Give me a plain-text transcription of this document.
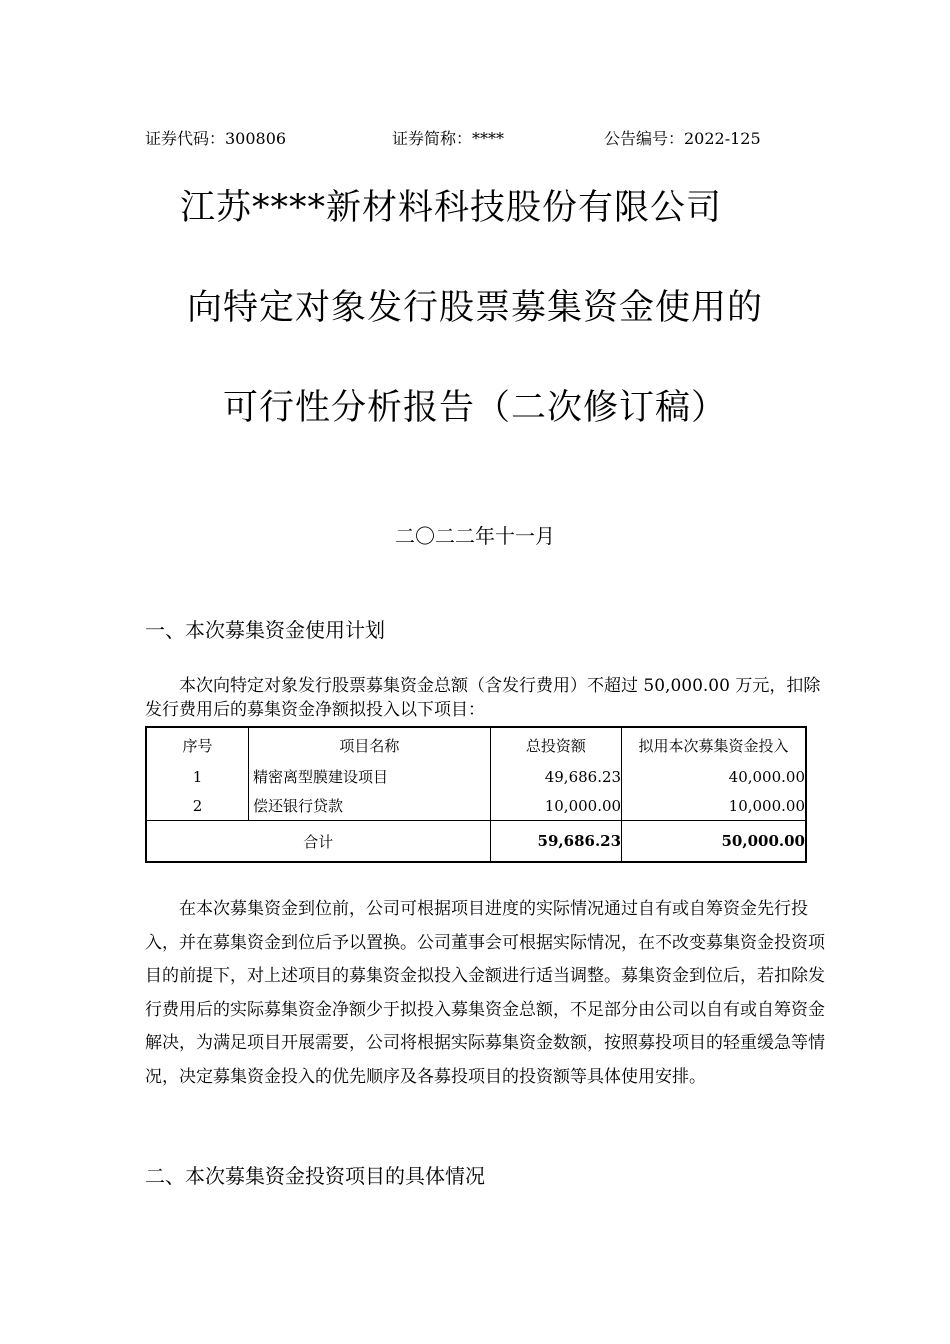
证券代码：300806	证券简称：****	公告编号：2022-125
江苏****新材料科技股份有限公司
向特定对象发行股票募集资金使用的
可行性分析报告（二次修订稿）
二〇二二年十一月
一、本次募集资金使用计划
本次向特定对象发行股票募集资金总额（含发行费用）不超过 50,000.00 万元，扣除发行费用后的募集资金净额拟投入以下项目：
序号	项目名称	总投资额	拟用本次募集资金投入
1	精密离型膜建设项目	49,686.23	40,000.00
2	偿还银行贷款	10,000.00	10,000.00
合计		59,686.23	50,000.00
在本次募集资金到位前，公司可根据项目进度的实际情况通过自有或自筹资金先行投入，并在募集资金到位后予以置换。公司董事会可根据实际情况，在不改变募集资金投资项目的前提下，对上述项目的募集资金拟投入金额进行适当调整。募集资金到位后，若扣除发行费用后的实际募集资金净额少于拟投入募集资金总额，不足部分由公司以自有或自筹资金解决，为满足项目开展需要，公司将根据实际募集资金数额，按照募投项目的轻重缓急等情况，决定募集资金投入的优先顺序及各募投项目的投资额等具体使用安排。
二、本次募集资金投资项目的具体情况
